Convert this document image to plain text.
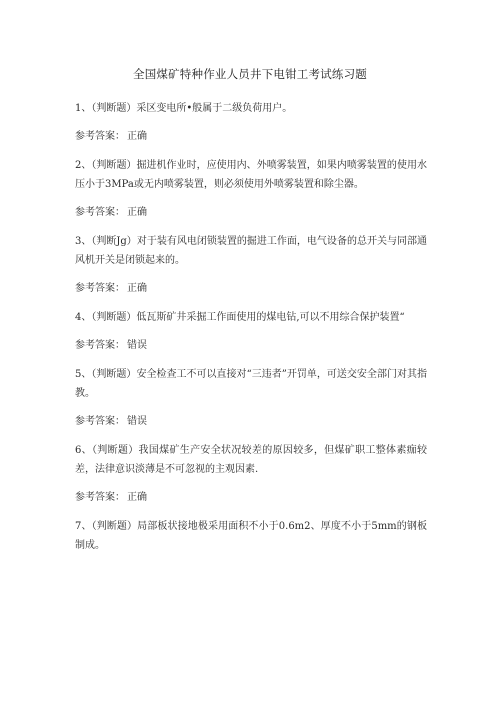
全国煤矿特种作业人员井下电钳工考试练习题

1、（判断题）采区变电所•般属于二级负荷用户。

参考答案： 正确

2、（判断题）掘进机作业时，应使用内、外喷雾装置，如果内喷雾装置的使用水压小于3MPa或无内喷雾装置，则必须使用外喷雾装置和除尘器。

参考答案： 正确

3、（判断Jg）对于装有风电闭锁装置的掘进工作面，电气设备的总开关与同部通风机开关是闭锁起来的。

参考答案： 正确

4、（判断题）低瓦斯矿井采掘工作面使用的煤电钻,可以不用综合保护装置“

参考答案： 错误

5、（判断题）安全检查工不可以直接对“三违者”开罚单，可送交安全部门对其指教。

参考答案： 错误

6、（判断题）我国煤矿生产安全状况较差的原因较多，但煤矿职工整体素痂较差，法律意识淡薄是不可忽视的主观因素.

参考答案： 正确

7、（判断题）局部板状接地极采用面积不小于0.6m2、厚度不小于5mm的钢板制成。
